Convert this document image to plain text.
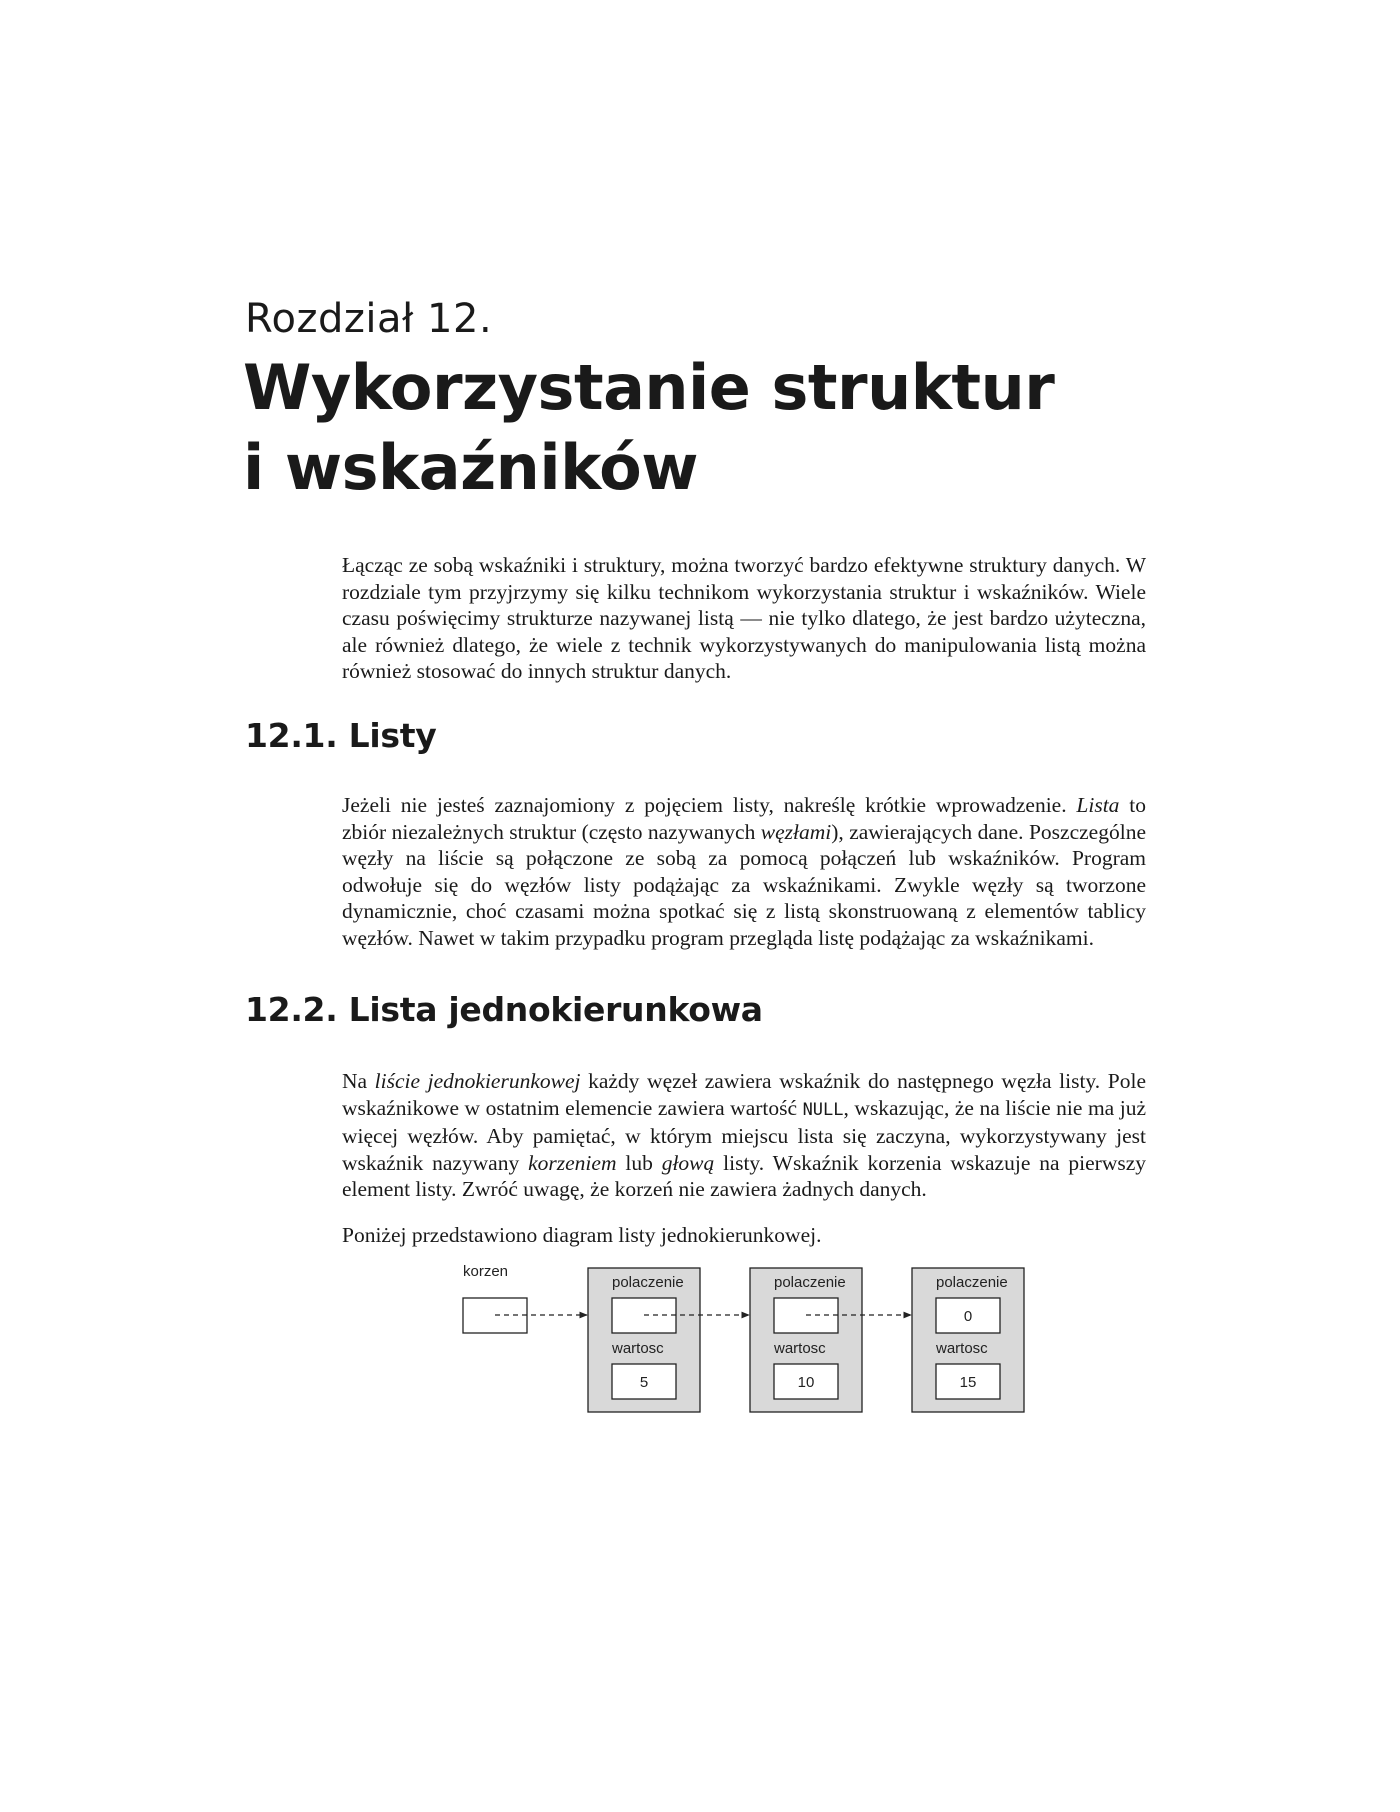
Rozdział 12.
Wykorzystanie struktur
i wskaźników

Łącząc ze sobą wskaźniki i struktury, można tworzyć bardzo efektywne struktury danych. W rozdziale tym przyjrzymy się kilku technikom wykorzystania struktur i wskaźników. Wiele czasu poświęcimy strukturze nazywanej listą — nie tylko dlatego, że jest bardzo użyteczna, ale również dlatego, że wiele z technik wykorzystywanych do manipulowania listą można również stosować do innych struktur danych.

12.1. Listy

Jeżeli nie jesteś zaznajomiony z pojęciem listy, nakreślę krótkie wprowadzenie. Lista to zbiór niezależnych struktur (często nazywanych węzłami), zawierających dane. Poszczególne węzły na liście są połączone ze sobą za pomocą połączeń lub wskaźników. Program odwołuje się do węzłów listy podążając za wskaźnikami. Zwykle węzły są tworzone dynamicznie, choć czasami można spotkać się z listą skonstruowaną z elementów tablicy węzłów. Nawet w takim przypadku program przegląda listę podążając za wskaźnikami.

12.2. Lista jednokierunkowa

Na liście jednokierunkowej każdy węzeł zawiera wskaźnik do następnego węzła listy. Pole wskaźnikowe w ostatnim elemencie zawiera wartość NULL, wskazując, że na liście nie ma już więcej węzłów. Aby pamiętać, w którym miejscu lista się zaczyna, wykorzystywany jest wskaźnik nazywany korzeniem lub głową listy. Wskaźnik korzenia wskazuje na pierwszy element listy. Zwróć uwagę, że korzeń nie zawiera żadnych danych.

Poniżej przedstawiono diagram listy jednokierunkowej.

korzen
polaczenie
wartosc
5
polaczenie
wartosc
10
polaczenie
0
wartosc
15
